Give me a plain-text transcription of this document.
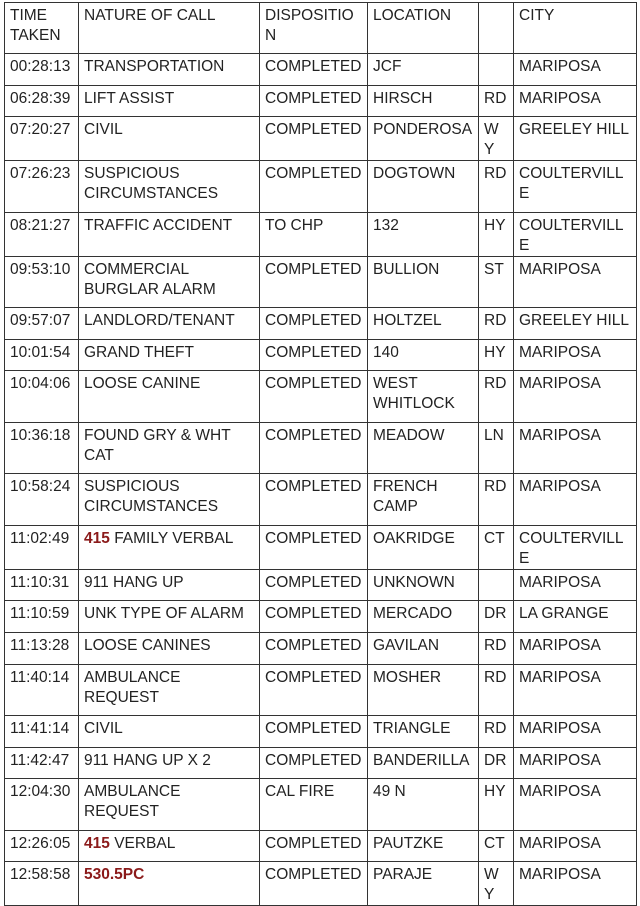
TIME TAKEN	NATURE OF CALL	DISPOSITION	LOCATION		CITY
00:28:13	TRANSPORTATION	COMPLETED	JCF		MARIPOSA
06:28:39	LIFT ASSIST	COMPLETED	HIRSCH	RD	MARIPOSA
07:20:27	CIVIL	COMPLETED	PONDEROSA	WY	GREELEY HILL
07:26:23	SUSPICIOUS CIRCUMSTANCES	COMPLETED	DOGTOWN	RD	COULTERVILLE
08:21:27	TRAFFIC ACCIDENT	TO CHP	132	HY	COULTERVILLE
09:53:10	COMMERCIAL BURGLAR ALARM	COMPLETED	BULLION	ST	MARIPOSA
09:57:07	LANDLORD/TENANT	COMPLETED	HOLTZEL	RD	GREELEY HILL
10:01:54	GRAND THEFT	COMPLETED	140	HY	MARIPOSA
10:04:06	LOOSE CANINE	COMPLETED	WEST WHITLOCK	RD	MARIPOSA
10:36:18	FOUND GRY & WHT CAT	COMPLETED	MEADOW	LN	MARIPOSA
10:58:24	SUSPICIOUS CIRCUMSTANCES	COMPLETED	FRENCH CAMP	RD	MARIPOSA
11:02:49	415 FAMILY VERBAL	COMPLETED	OAKRIDGE	CT	COULTERVILLE
11:10:31	911 HANG UP	COMPLETED	UNKNOWN		MARIPOSA
11:10:59	UNK TYPE OF ALARM	COMPLETED	MERCADO	DR	LA GRANGE
11:13:28	LOOSE CANINES	COMPLETED	GAVILAN	RD	MARIPOSA
11:40:14	AMBULANCE REQUEST	COMPLETED	MOSHER	RD	MARIPOSA
11:41:14	CIVIL	COMPLETED	TRIANGLE	RD	MARIPOSA
11:42:47	911 HANG UP X 2	COMPLETED	BANDERILLA	DR	MARIPOSA
12:04:30	AMBULANCE REQUEST	CAL FIRE	49 N	HY	MARIPOSA
12:26:05	415 VERBAL	COMPLETED	PAUTZKE	CT	MARIPOSA
12:58:58	530.5PC	COMPLETED	PARAJE	WY	MARIPOSA
